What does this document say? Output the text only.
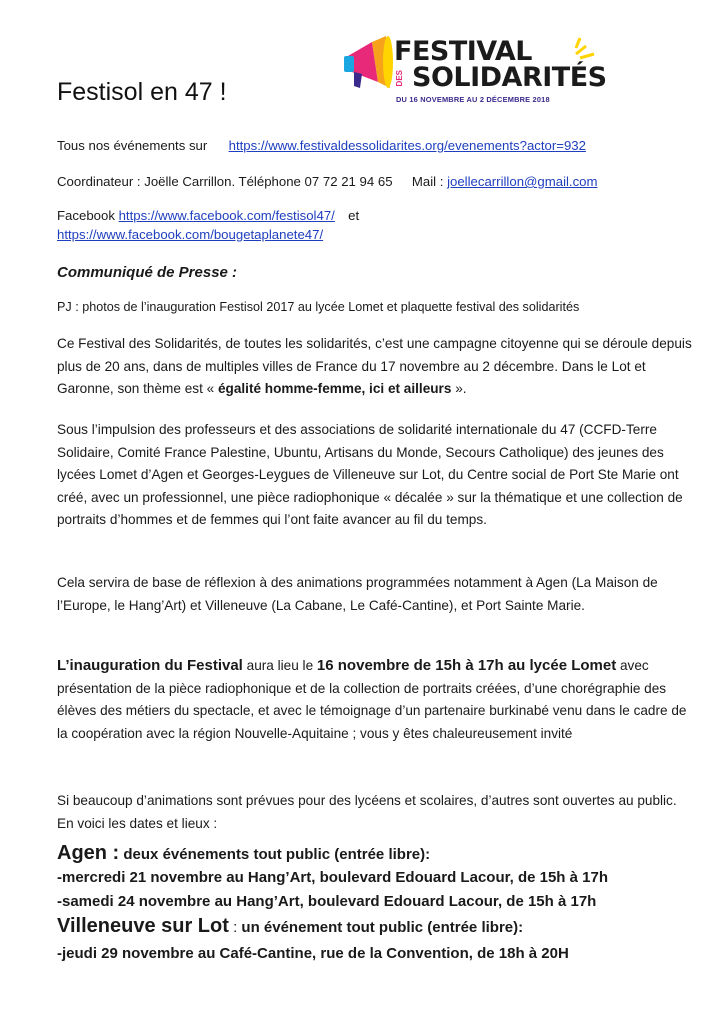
FESTIVAL
DES SOLIDARITÉS
DU 16 NOVEMBRE AU 2 DÉCEMBRE 2018
Festisol en 47 !
Tous nos événements sur https://www.festivaldessolidarites.org/evenements?actor=932
Coordinateur : Joëlle Carrillon. Téléphone 07 72 21 94 65 Mail : joellecarrillon@gmail.com
Facebook https://www.facebook.com/festisol47/ et
https://www.facebook.com/bougetaplanete47/
Communiqué de Presse :
PJ : photos de l’inauguration Festisol 2017 au lycée Lomet et plaquette festival des solidarités

Ce Festival des Solidarités, de toutes les solidarités, c’est une campagne citoyenne qui se déroule depuis plus de 20 ans, dans de multiples villes de France du 17 novembre au 2 décembre. Dans le Lot et Garonne, son thème est « égalité homme-femme, ici et ailleurs ».

Sous l’impulsion des professeurs et des associations de solidarité internationale du 47 (CCFD-Terre Solidaire, Comité France Palestine, Ubuntu, Artisans du Monde, Secours Catholique) des jeunes des lycées Lomet d’Agen et Georges-Leygues de Villeneuve sur Lot, du Centre social de Port Ste Marie ont créé, avec un professionnel, une pièce radiophonique « décalée » sur la thématique et une collection de portraits d’hommes et de femmes qui l’ont faite avancer au fil du temps.

Cela servira de base de réflexion à des animations programmées notamment à Agen (La Maison de l’Europe, le Hang’Art) et Villeneuve (La Cabane, Le Café-Cantine), et Port Sainte Marie.

L’inauguration du Festival aura lieu le 16 novembre de 15h à 17h au lycée Lomet avec présentation de la pièce radiophonique et de la collection de portraits créées, d’une chorégraphie des élèves des métiers du spectacle, et avec le témoignage d’un partenaire burkinabé venu dans le cadre de la coopération avec la région Nouvelle-Aquitaine ; vous y êtes chaleureusement invité

Si beaucoup d’animations sont prévues pour des lycéens et scolaires, d’autres sont ouvertes au public. En voici les dates et lieux :

Agen : deux événements tout public (entrée libre):
-mercredi 21 novembre au Hang’Art, boulevard Edouard Lacour, de 15h à 17h
-samedi 24 novembre au Hang’Art, boulevard Edouard Lacour, de 15h à 17h
Villeneuve sur Lot : un événement tout public (entrée libre):
-jeudi 29 novembre au Café-Cantine, rue de la Convention, de 18h à 20H
